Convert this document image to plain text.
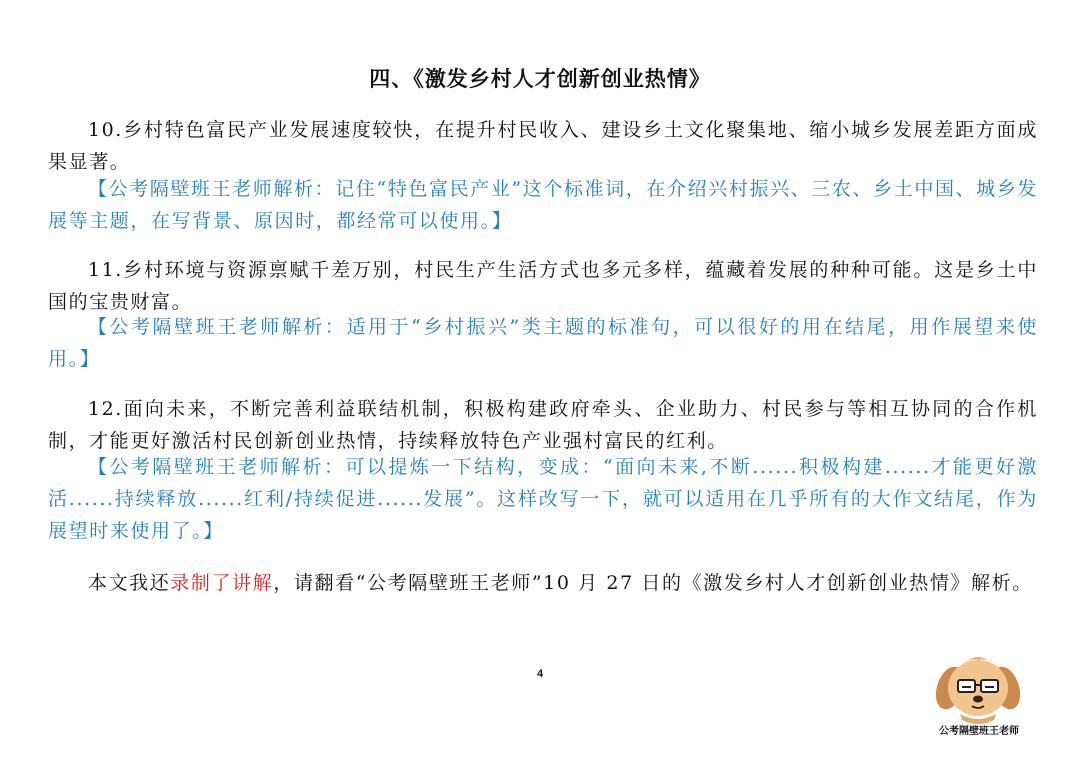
四、《激发乡村人才创新创业热情》
10.乡村特色富民产业发展速度较快，在提升村民收入、建设乡土文化聚集地、缩小城乡发展差距方面成果显著。
【公考隔壁班王老师解析：记住“特色富民产业”这个标准词，在介绍兴村振兴、三农、乡土中国、城乡发展等主题，在写背景、原因时，都经常可以使用。】
11.乡村环境与资源禀赋千差万别，村民生产生活方式也多元多样，蕴藏着发展的种种可能。这是乡土中国的宝贵财富。
【公考隔壁班王老师解析：适用于“乡村振兴”类主题的标准句，可以很好的用在结尾，用作展望来使用。】
12.面向未来，不断完善利益联结机制，积极构建政府牵头、企业助力、村民参与等相互协同的合作机制，才能更好激活村民创新创业热情，持续释放特色产业强村富民的红利。
【公考隔壁班王老师解析：可以提炼一下结构，变成：“面向未来,不断......积极构建......才能更好激活......持续释放......红利/持续促进......发展”。这样改写一下，就可以适用在几乎所有的大作文结尾，作为展望时来使用了。】
本文我还录制了讲解，请翻看“公考隔壁班王老师”10 月 27 日的《激发乡村人才创新创业热情》解析。
4
公考隔壁班王老师
